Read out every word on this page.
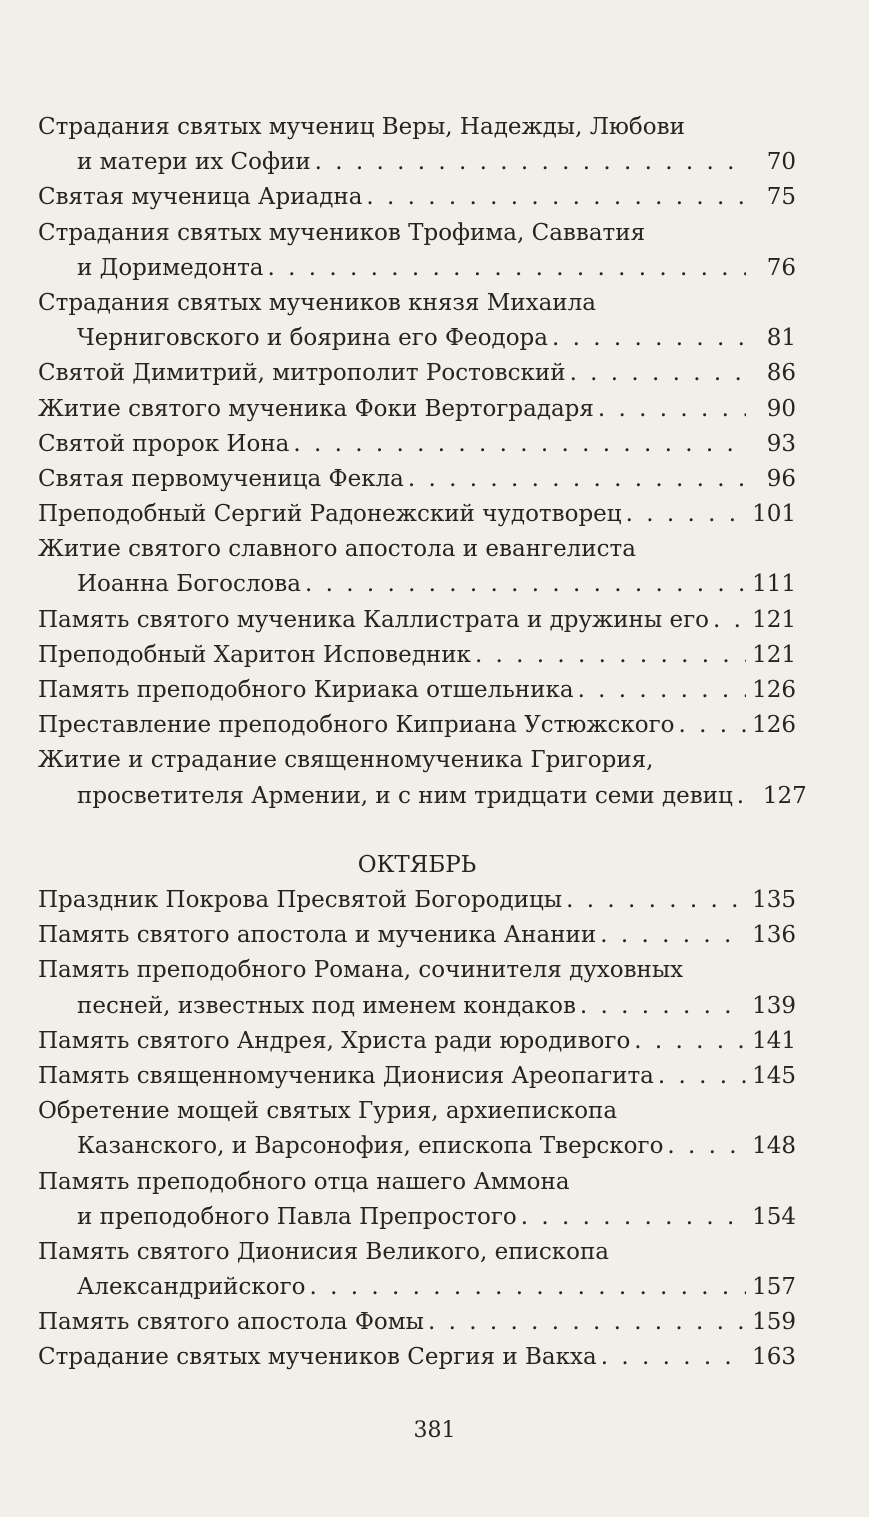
Страдания святых мучениц Веры, Надежды, Любови
и матери их Софии . . .	70
Святая мученица Ариадна . . .	75
Страдания святых мучеников Трофима, Савватия
и Доримедонта . . .	76
Страдания святых мучеников князя Михаила
Черниговского и боярина его Феодора . . .	81
Святой Димитрий, митрополит Ростовский . . .	86
Житие святого мученика Фоки Вертоградаря . . .	90
Святой пророк Иона . . .	93
Святая первомученица Фекла . . .	96
Преподобный Сергий Радонежский чудотворец . . .	101
Житие святого славного апостола и евангелиста
Иоанна Богослова . . .	111
Память святого мученика Каллистрата и дружины его . . . 121
Преподобный Харитон Исповедник . . .	121
Память преподобного Кириака отшельника . . .	126
Преставление преподобного Киприана Устюжского . . .	126
Житие и страдание священномученика Григория,
просветителя Армении, и с ним тридцати семи девиц . . . 127
ОКТЯБРЬ
Праздник Покрова Пресвятой Богородицы . . .	135
Память святого апостола и мученика Анании . . .	136
Память преподобного Романа, сочинителя духовных
песней, известных под именем кондаков . . .	139
Память святого Андрея, Христа ради юродивого . . .	141
Память священномученика Дионисия Ареопагита . . .	145
Обретение мощей святых Гурия, архиепископа
Казанского, и Варсонофия, епископа Тверского . . .	148
Память преподобного отца нашего Аммона
и преподобного Павла Препростого . . .	154
Память святого Дионисия Великого, епископа
Александрийского . . .	157
Память святого апостола Фомы . . .	159
Страдание святых мучеников Сергия и Вакха . . .	163
381
